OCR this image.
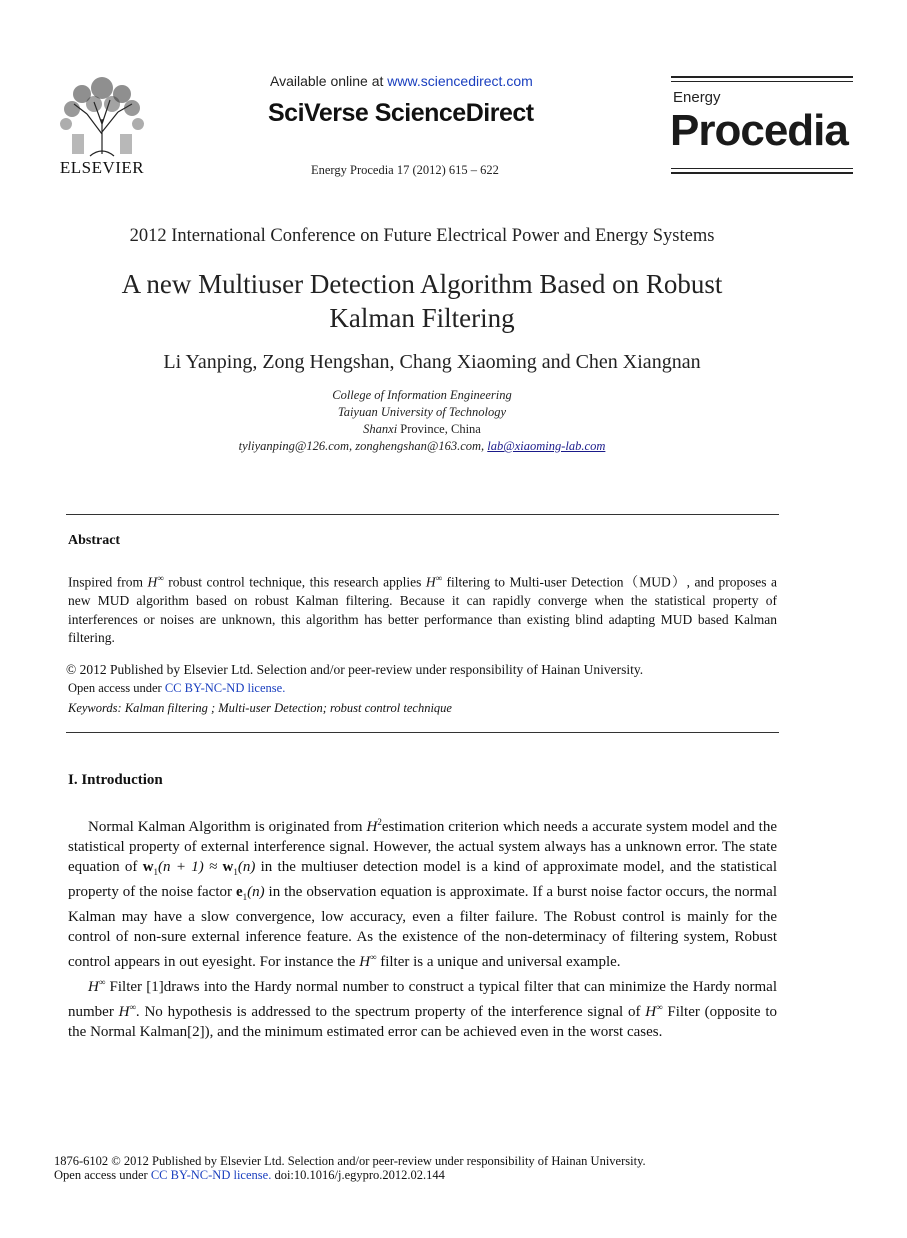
ELSEVIER
Available online at www.sciencedirect.com
SciVerse ScienceDirect
Energy Procedia 17 (2012) 615 – 622
Energy
Procedia
2012 International Conference on Future Electrical Power and Energy Systems
A new Multiuser Detection Algorithm Based on Robust
Kalman Filtering
Li Yanping, Zong Hengshan, Chang Xiaoming and Chen Xiangnan
College of Information Engineering
Taiyuan University of Technology
Shanxi Province, China
tyliyanping@126.com, zonghengshan@163.com, lab@xiaoming-lab.com
Abstract
Inspired from H∞ robust control technique, this research applies H∞ filtering to Multi-user Detection（MUD）, and proposes a new MUD algorithm based on robust Kalman filtering. Because it can rapidly converge when the statistical property of interferences or noises are unknown, this algorithm has better performance than existing blind adapting MUD based Kalman filtering.
© 2012 Published by Elsevier Ltd. Selection and/or peer-review under responsibility of Hainan University.
Open access under CC BY-NC-ND license.
Keywords: Kalman filtering ; Multi-user Detection; robust control technique
I. Introduction
Normal Kalman Algorithm is originated from $H^2estimation$ criterion which needs a accurate system model and the statistical property of external interference signal. However, the actual system always has a unknown error. The state equation of $w_1(n + 1) \approx w_1(n)$ in the multiuser detection model is a kind of approximate model, and the statistical property of the noise factor $e_1(n)$ in the observation equation is approximate. If a burst noise factor occurs, the normal Kalman may have a slow convergence, low accuracy, even a filter failure. The Robust control is mainly for the control of non-sure external inference feature. As the existence of the non-determinacy of filtering system, Robust control appears in out eyesight. For instance the H∞ filter is a unique and universal example.
H∞ Filter [1]draws into the Hardy normal number to construct a typical filter that can minimize the Hardy normal number H∞. No hypothesis is addressed to the spectrum property of the interference signal of H∞ Filter (opposite to the Normal Kalman[2]), and the minimum estimated error can be achieved even in the worst cases.
1876-6102 © 2012 Published by Elsevier Ltd. Selection and/or peer-review under responsibility of Hainan University.
Open access under CC BY-NC-ND license. doi:10.1016/j.egypro.2012.02.144
